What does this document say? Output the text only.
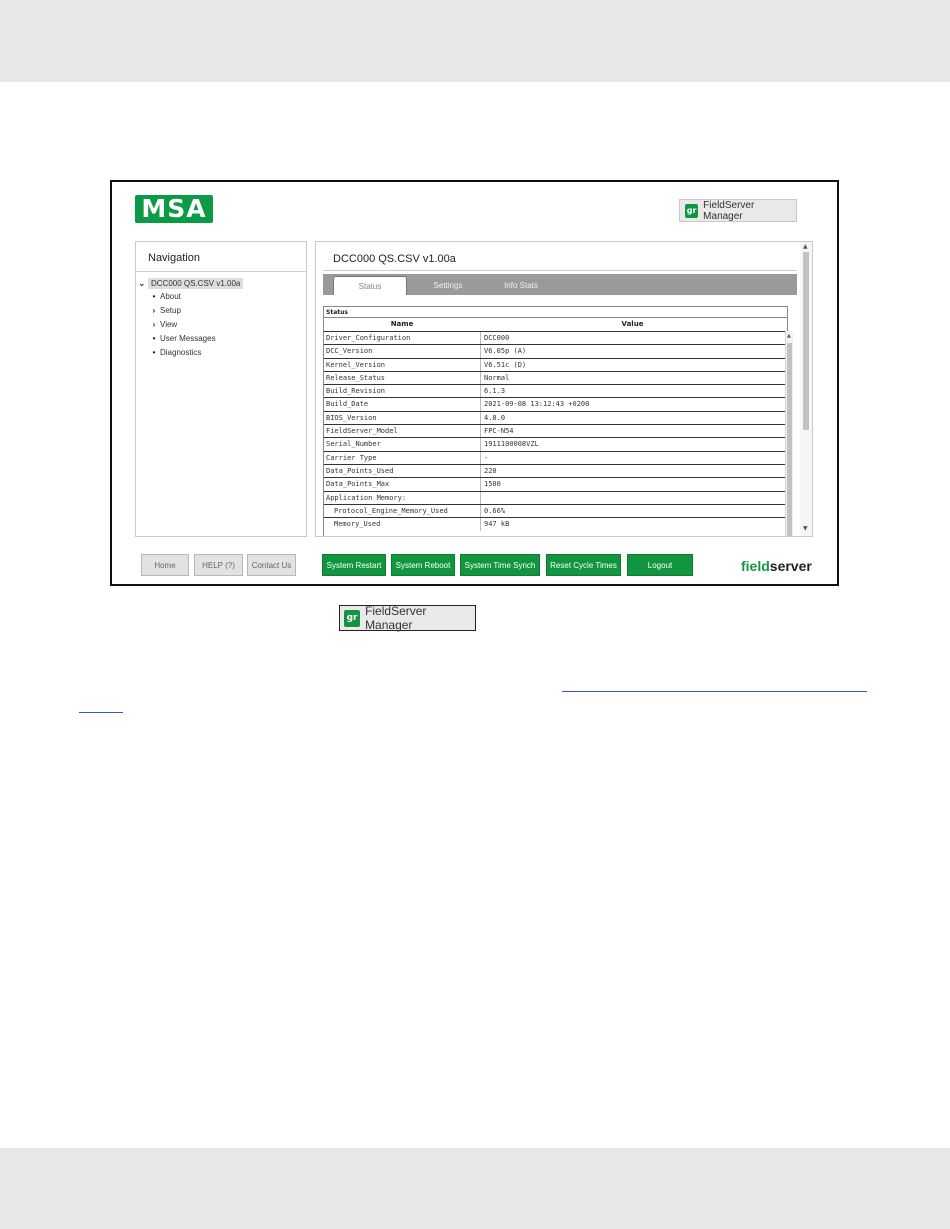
MSA	gr FieldServer Manager
Navigation
⌄ DCC000 QS.CSV v1.00a
• About
› Setup
› View
• User Messages
• Diagnostics
DCC000 QS.CSV v1.00a
Status	Settings	Info Stats
Status
Name	Value
Driver_Configuration	DCC000
DCC_Version	V6.05p (A)
Kernel_Version	V6.51c (D)
Release_Status	Normal
Build_Revision	6.1.3
Build_Date	2021-09-08 13:12:43 +0200
BIOS_Version	4.8.0
FieldServer_Model	FPC-N54
Serial_Number	1911100008VZL
Carrier Type	-
Data_Points_Used	220
Data_Points_Max	1500
Application Memory:
Protocol_Engine_Memory_Used	0.66%
Memory_Used	947 kB
▲
▲
▼
Home	HELP (?)	Contact Us	System Restart	System Reboot	System Time Synch	Reset Cycle Times	Logout	fieldserver
gr FieldServer Manager
